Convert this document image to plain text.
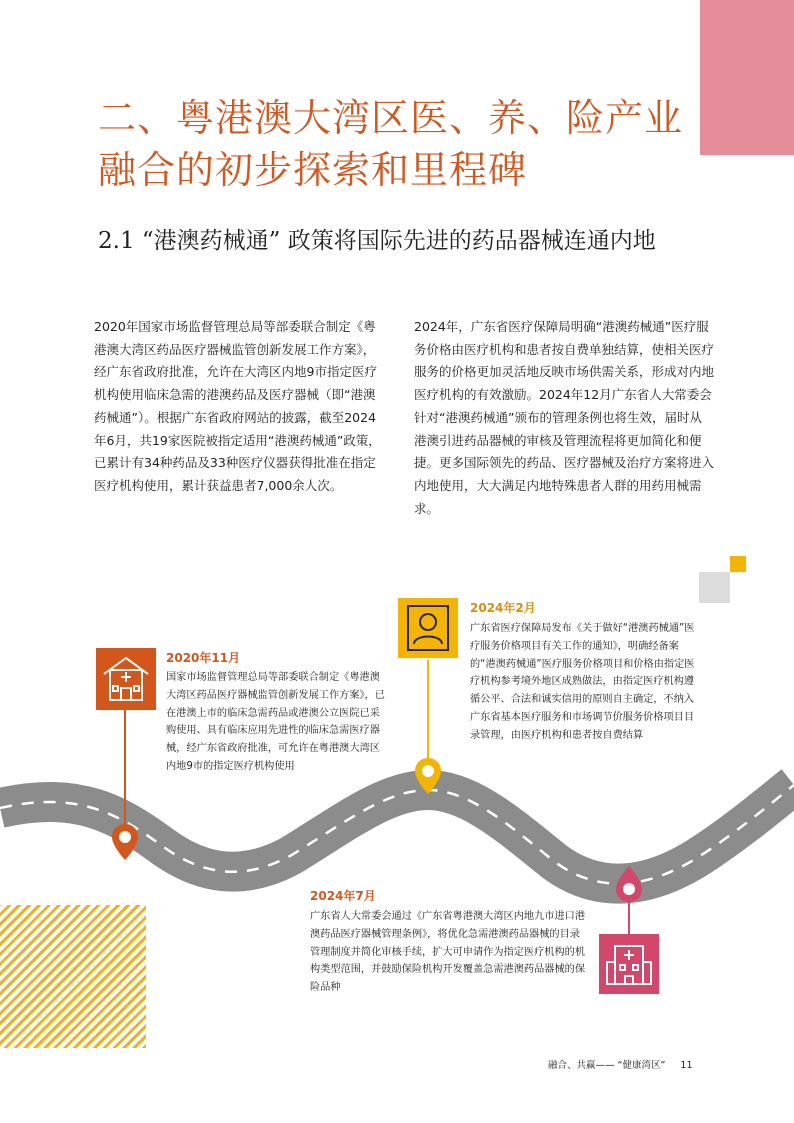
二、粤港澳大湾区医、养、险产业融合的初步探索和里程碑
2.1 “港澳药械通” 政策将国际先进的药品器械连通内地

2020年国家市场监督管理总局等部委联合制定《粤港澳大湾区药品医疗器械监管创新发展工作方案》，经广东省政府批准，允许在大湾区内地9市指定医疗机构使用临床急需的港澳药品及医疗器械（即“港澳药械通”）。根据广东省政府网站的披露，截至2024年6月，共19家医院被指定适用“港澳药械通”政策，已累计有34种药品及33种医疗仪器获得批准在指定医疗机构使用，累计获益患者7,000余人次。

2024年，广东省医疗保障局明确“港澳药械通”医疗服务价格由医疗机构和患者按自费单独结算，使相关医疗服务的价格更加灵活地反映市场供需关系，形成对内地医疗机构的有效激励。2024年12月广东省人大常委会针对“港澳药械通”颁布的管理条例也将生效，届时从港澳引进药品器械的审核及管理流程将更加简化和便捷。更多国际领先的药品、医疗器械及治疗方案将进入内地使用，大大满足内地特殊患者人群的用药用械需求。

2020年11月

国家市场监督管理总局等部委联合制定《粤港澳大湾区药品医疗器械监管创新发展工作方案》，已在港澳上市的临床急需药品或港澳公立医院已采购使用、具有临床应用先进性的临床急需医疗器械，经广东省政府批准，可允许在粤港澳大湾区内地9市的指定医疗机构使用

2024年2月

广东省医疗保障局发布《关于做好“港澳药械通”医疗服务价格项目有关工作的通知》，明确经备案的“港澳药械通”医疗服务价格项目和价格由指定医疗机构参考境外地区成熟做法，由指定医疗机构遵循公平、合法和诚实信用的原则自主确定，不纳入广东省基本医疗服务和市场调节价服务价格项目目录管理，由医疗机构和患者按自费结算

2024年7月

广东省人大常委会通过《广东省粤港澳大湾区内地九市进口港澳药品医疗器械管理条例》，将优化急需港澳药品器械的目录管理制度并简化审核手续，扩大可申请作为指定医疗机构的机构类型范围，并鼓励保险机构开发覆盖急需港澳药品器械的保险品种

融合、共赢—— “健康湾区” 11
